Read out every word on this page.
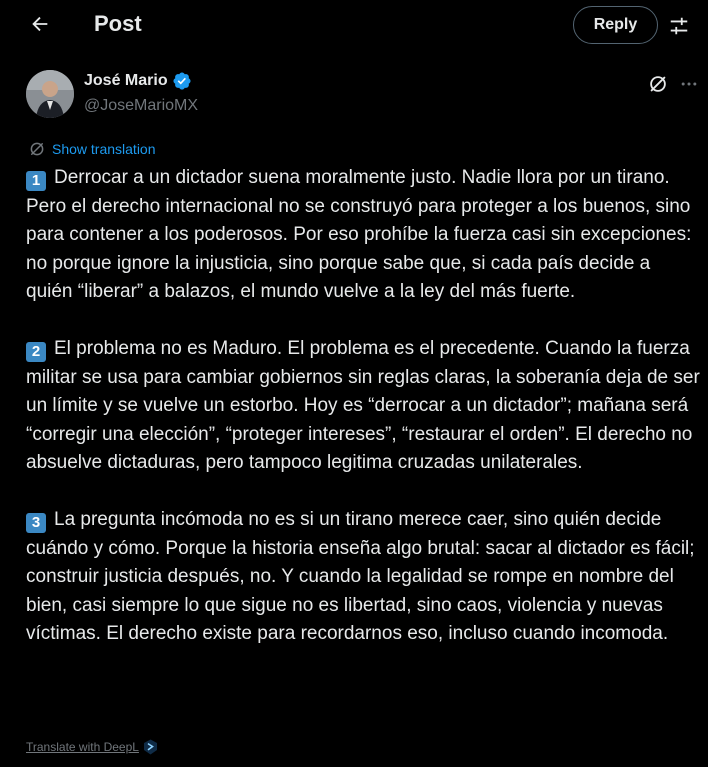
Post	Reply
José Mario
@JoseMarioMX
Show translation

1 Derrocar a un dictador suena moralmente justo. Nadie llora por un tirano. Pero el derecho internacional no se construyó para proteger a los buenos, sino para contener a los poderosos. Por eso prohíbe la fuerza casi sin excepciones: no porque ignore la injusticia, sino porque sabe que, si cada país decide a quién “liberar” a balazos, el mundo vuelve a la ley del más fuerte.

2 El problema no es Maduro. El problema es el precedente. Cuando la fuerza militar se usa para cambiar gobiernos sin reglas claras, la soberanía deja de ser un límite y se vuelve un estorbo. Hoy es “derrocar a un dictador”; mañana será “corregir una elección”, “proteger intereses”, “restaurar el orden”. El derecho no absuelve dictaduras, pero tampoco legitima cruzadas unilaterales.

3 La pregunta incómoda no es si un tirano merece caer, sino quién decide cuándo y cómo. Porque la historia enseña algo brutal: sacar al dictador es fácil; construir justicia después, no. Y cuando la legalidad se rompe en nombre del bien, casi siempre lo que sigue no es libertad, sino caos, violencia y nuevas víctimas. El derecho existe para recordarnos eso, incluso cuando incomoda.

Translate with DeepL
